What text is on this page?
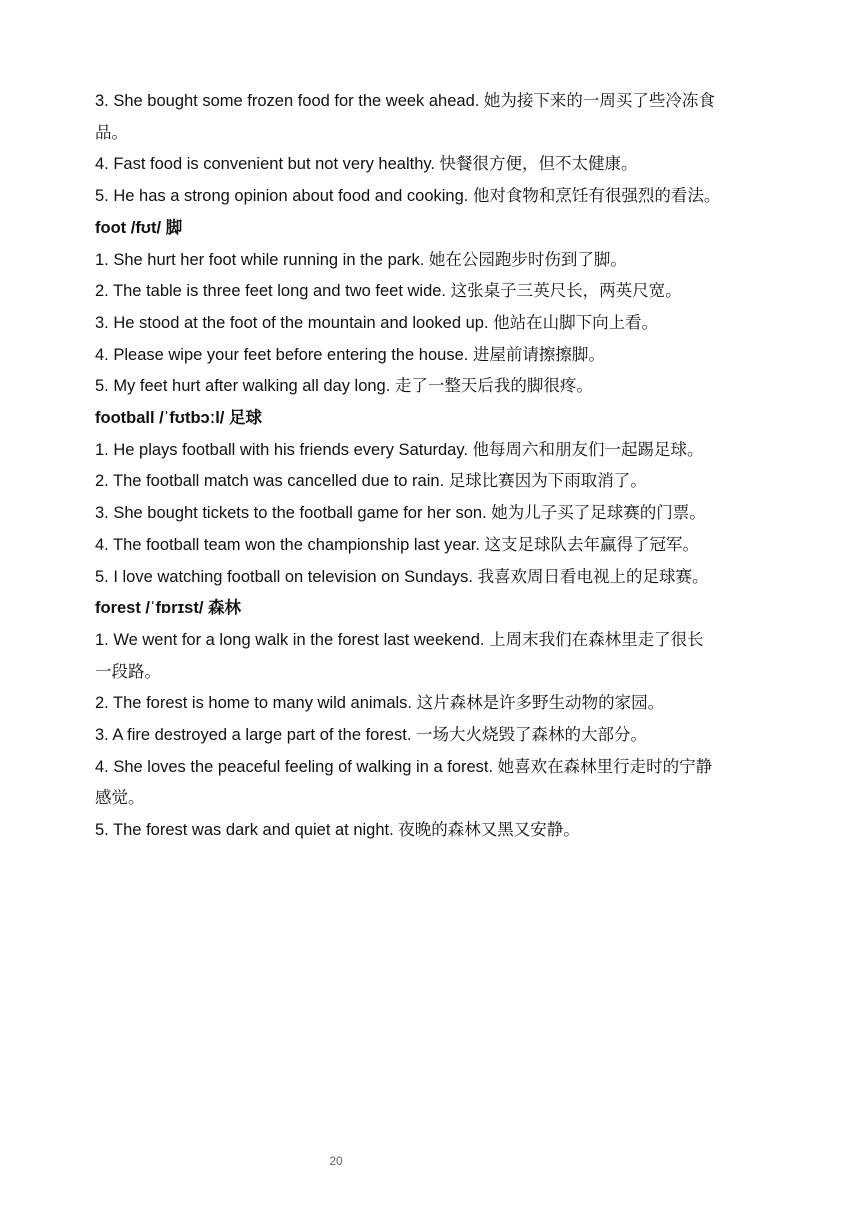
3. She bought some frozen food for the week ahead. 她为接下来的一周买了些冷冻食
品。
4. Fast food is convenient but not very healthy. 快餐很方便，但不太健康。
5. He has a strong opinion about food and cooking. 他对食物和烹饪有很强烈的看法。
foot /fʊt/ 脚
1. She hurt her foot while running in the park. 她在公园跑步时伤到了脚。
2. The table is three feet long and two feet wide. 这张桌子三英尺长，两英尺宽。
3. He stood at the foot of the mountain and looked up. 他站在山脚下向上看。
4. Please wipe your feet before entering the house. 进屋前请擦擦脚。
5. My feet hurt after walking all day long. 走了一整天后我的脚很疼。
football /ˈfʊtbɔːl/ 足球
1. He plays football with his friends every Saturday. 他每周六和朋友们一起踢足球。
2. The football match was cancelled due to rain. 足球比赛因为下雨取消了。
3. She bought tickets to the football game for her son. 她为儿子买了足球赛的门票。
4. The football team won the championship last year. 这支足球队去年赢得了冠军。
5. I love watching football on television on Sundays. 我喜欢周日看电视上的足球赛。
forest /ˈfɒrɪst/ 森林
1. We went for a long walk in the forest last weekend. 上周末我们在森林里走了很长
一段路。
2. The forest is home to many wild animals. 这片森林是许多野生动物的家园。
3. A fire destroyed a large part of the forest. 一场大火烧毁了森林的大部分。
4. She loves the peaceful feeling of walking in a forest. 她喜欢在森林里行走时的宁静
感觉。
5. The forest was dark and quiet at night. 夜晚的森林又黑又安静。
20
